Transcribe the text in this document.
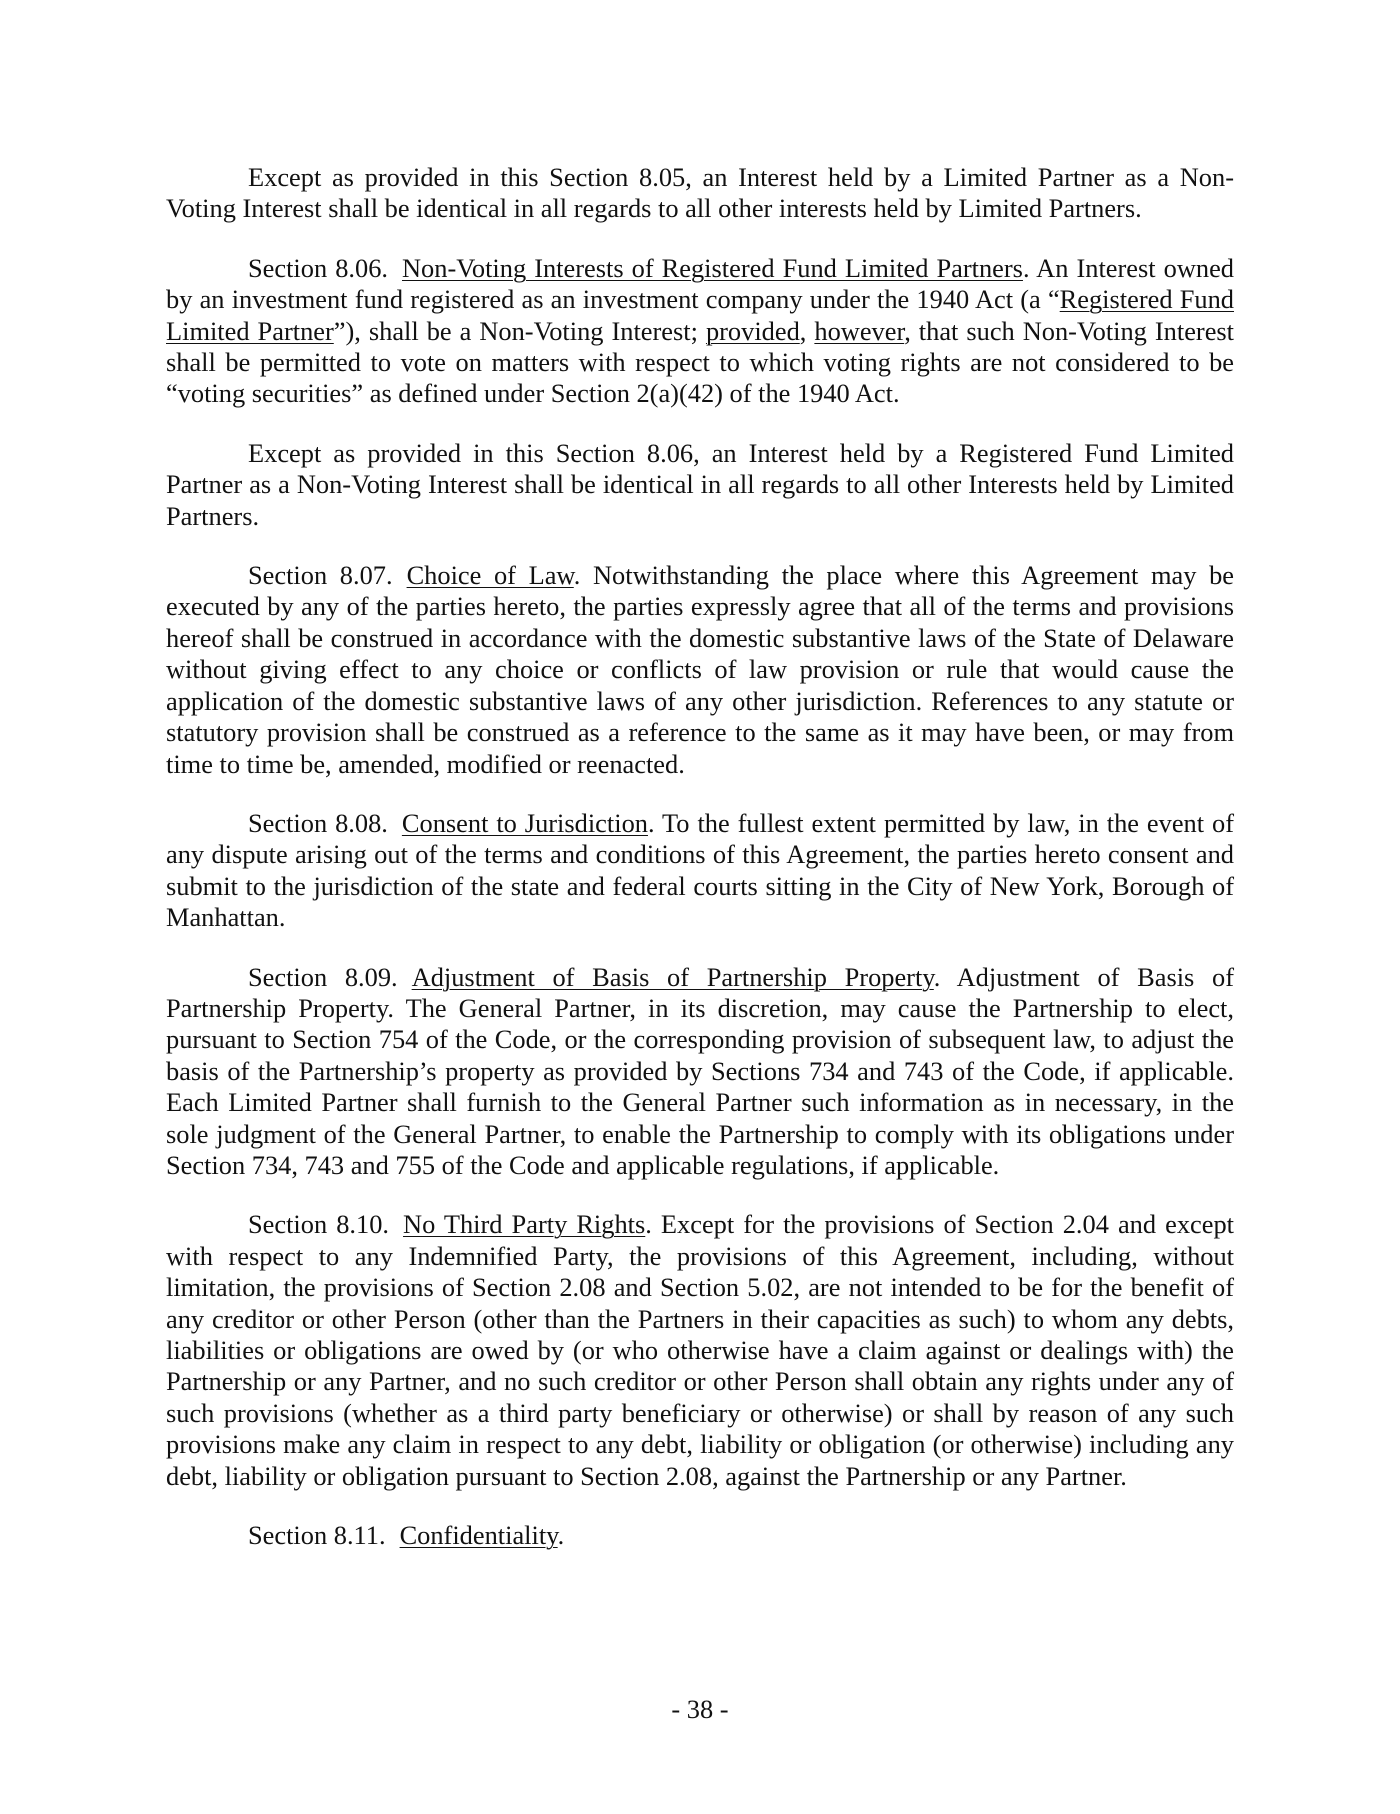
Except as provided in this Section 8.05, an Interest held by a Limited Partner as a Non-Voting Interest shall be identical in all regards to all other interests held by Limited Partners.

Section 8.06. Non-Voting Interests of Registered Fund Limited Partners. An Interest owned by an investment fund registered as an investment company under the 1940 Act (a “Registered Fund Limited Partner”), shall be a Non-Voting Interest; provided, however, that such Non-Voting Interest shall be permitted to vote on matters with respect to which voting rights are not considered to be “voting securities” as defined under Section 2(a)(42) of the 1940 Act.

Except as provided in this Section 8.06, an Interest held by a Registered Fund Limited Partner as a Non-Voting Interest shall be identical in all regards to all other Interests held by Limited Partners.

Section 8.07. Choice of Law. Notwithstanding the place where this Agreement may be executed by any of the parties hereto, the parties expressly agree that all of the terms and provisions hereof shall be construed in accordance with the domestic substantive laws of the State of Delaware without giving effect to any choice or conflicts of law provision or rule that would cause the application of the domestic substantive laws of any other jurisdiction. References to any statute or statutory provision shall be construed as a reference to the same as it may have been, or may from time to time be, amended, modified or reenacted.

Section 8.08. Consent to Jurisdiction. To the fullest extent permitted by law, in the event of any dispute arising out of the terms and conditions of this Agreement, the parties hereto consent and submit to the jurisdiction of the state and federal courts sitting in the City of New York, Borough of Manhattan.

Section 8.09. Adjustment of Basis of Partnership Property. Adjustment of Basis of Partnership Property. The General Partner, in its discretion, may cause the Partnership to elect, pursuant to Section 754 of the Code, or the corresponding provision of subsequent law, to adjust the basis of the Partnership’s property as provided by Sections 734 and 743 of the Code, if applicable. Each Limited Partner shall furnish to the General Partner such information as in necessary, in the sole judgment of the General Partner, to enable the Partnership to comply with its obligations under Section 734, 743 and 755 of the Code and applicable regulations, if applicable.

Section 8.10. No Third Party Rights. Except for the provisions of Section 2.04 and except with respect to any Indemnified Party, the provisions of this Agreement, including, without limitation, the provisions of Section 2.08 and Section 5.02, are not intended to be for the benefit of any creditor or other Person (other than the Partners in their capacities as such) to whom any debts, liabilities or obligations are owed by (or who otherwise have a claim against or dealings with) the Partnership or any Partner, and no such creditor or other Person shall obtain any rights under any of such provisions (whether as a third party beneficiary or otherwise) or shall by reason of any such provisions make any claim in respect to any debt, liability or obligation (or otherwise) including any debt, liability or obligation pursuant to Section 2.08, against the Partnership or any Partner.

Section 8.11. Confidentiality.

- 38 -
